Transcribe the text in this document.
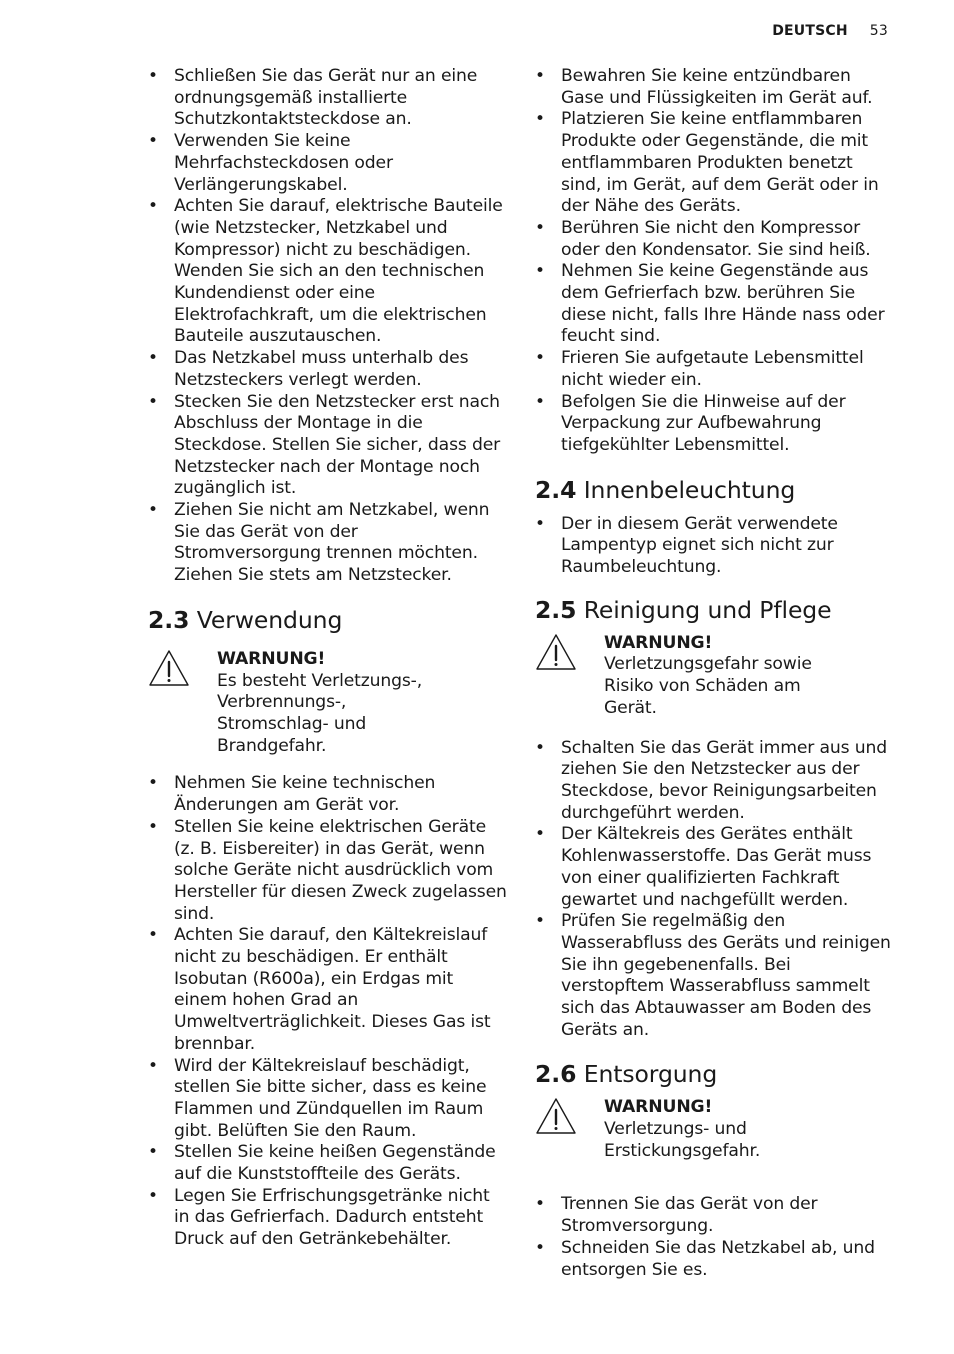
DEUTSCH 53
• Schließen Sie das Gerät nur an eine ordnungsgemäß installierte Schutzkontaktsteckdose an.
• Verwenden Sie keine Mehrfachsteckdosen oder Verlängerungskabel.
• Achten Sie darauf, elektrische Bauteile (wie Netzstecker, Netzkabel und Kompressor) nicht zu beschädigen. Wenden Sie sich an den technischen Kundendienst oder eine Elektrofachkraft, um die elektrischen Bauteile auszutauschen.
• Das Netzkabel muss unterhalb des Netzsteckers verlegt werden.
• Stecken Sie den Netzstecker erst nach Abschluss der Montage in die Steckdose. Stellen Sie sicher, dass der Netzstecker nach der Montage noch zugänglich ist.
• Ziehen Sie nicht am Netzkabel, wenn Sie das Gerät von der Stromversorgung trennen möchten. Ziehen Sie stets am Netzstecker.
2.3 Verwendung
WARNUNG!
Es besteht Verletzungs-, Verbrennungs-, Stromschlag- und Brandgefahr.
• Nehmen Sie keine technischen Änderungen am Gerät vor.
• Stellen Sie keine elektrischen Geräte (z. B. Eisbereiter) in das Gerät, wenn solche Geräte nicht ausdrücklich vom Hersteller für diesen Zweck zugelassen sind.
• Achten Sie darauf, den Kältekreislauf nicht zu beschädigen. Er enthält Isobutan (R600a), ein Erdgas mit einem hohen Grad an Umweltverträglichkeit. Dieses Gas ist brennbar.
• Wird der Kältekreislauf beschädigt, stellen Sie bitte sicher, dass es keine Flammen und Zündquellen im Raum gibt. Belüften Sie den Raum.
• Stellen Sie keine heißen Gegenstände auf die Kunststoffteile des Geräts.
• Legen Sie Erfrischungsgetränke nicht in das Gefrierfach. Dadurch entsteht Druck auf den Getränkebehälter.
• Bewahren Sie keine entzündbaren Gase und Flüssigkeiten im Gerät auf.
• Platzieren Sie keine entflammbaren Produkte oder Gegenstände, die mit entflammbaren Produkten benetzt sind, im Gerät, auf dem Gerät oder in der Nähe des Geräts.
• Berühren Sie nicht den Kompressor oder den Kondensator. Sie sind heiß.
• Nehmen Sie keine Gegenstände aus dem Gefrierfach bzw. berühren Sie diese nicht, falls Ihre Hände nass oder feucht sind.
• Frieren Sie aufgetaute Lebensmittel nicht wieder ein.
• Befolgen Sie die Hinweise auf der Verpackung zur Aufbewahrung tiefgekühlter Lebensmittel.
2.4 Innenbeleuchtung
• Der in diesem Gerät verwendete Lampentyp eignet sich nicht zur Raumbeleuchtung.
2.5 Reinigung und Pflege
WARNUNG!
Verletzungsgefahr sowie Risiko von Schäden am Gerät.
• Schalten Sie das Gerät immer aus und ziehen Sie den Netzstecker aus der Steckdose, bevor Reinigungsarbeiten durchgeführt werden.
• Der Kältekreis des Gerätes enthält Kohlenwasserstoffe. Das Gerät muss von einer qualifizierten Fachkraft gewartet und nachgefüllt werden.
• Prüfen Sie regelmäßig den Wasserabfluss des Geräts und reinigen Sie ihn gegebenenfalls. Bei verstopftem Wasserabfluss sammelt sich das Abtauwasser am Boden des Geräts an.
2.6 Entsorgung
WARNUNG!
Verletzungs- und Erstickungsgefahr.
• Trennen Sie das Gerät von der Stromversorgung.
• Schneiden Sie das Netzkabel ab, und entsorgen Sie es.
